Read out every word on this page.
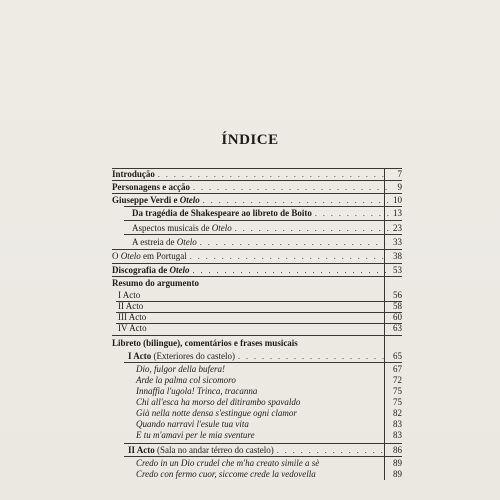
ÍNDICE
Introdução . . .	7
Personagens e acção . . .	9
Giuseppe Verdi e Otelo . . .	10
Da tragédia de Shakespeare ao libreto de Boito . . .	13
Aspectos musicais de Otelo . . .	23
A estreia de Otelo . . .	33
O Otelo em Portugal . . .	38
Discografia de Otelo . . .	53
Resumo do argumento
I Acto	56
II Acto	58
III Acto	60
IV Acto	63
Libreto (bilingue), comentários e frases musicais
I Acto (Exteriores do castelo) . . .	65
Dio, fulgor della bufera!	67
Arde la palma col sicomoro	72
Innaffia l'ugola! Trinca, tracanna	75
Chi all'esca ha morso del ditirambo spavaldo	75
Già nella notte densa s'estingue ogni clamor	82
Quando narravi l'esule tua vita	83
E tu m'amavi per le mia sventure	83
II Acto (Sala no andar térreo do castelo) . . .	86
Credo in un Dio crudel che m'ha creato simile a sè	89
Credo con fermo cuor, siccome crede la vedovella	89
